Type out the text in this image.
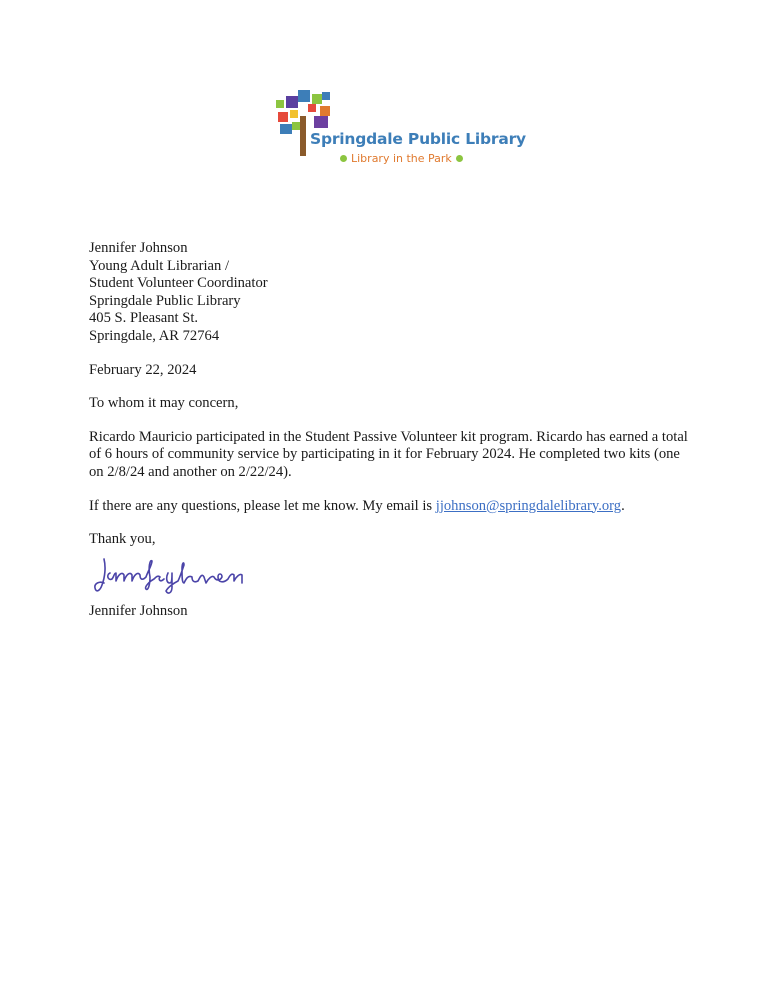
Springdale Public Library
Library in the Park
Jennifer Johnson
Young Adult Librarian /
Student Volunteer Coordinator
Springdale Public Library
405 S. Pleasant St.
Springdale, AR 72764
February 22, 2024
To whom it may concern,
Ricardo Mauricio participated in the Student Passive Volunteer kit program. Ricardo has earned a total of 6 hours of community service by participating in it for February 2024. He completed two kits (one on 2/8/24 and another on 2/22/24).
If there are any questions, please let me know. My email is jjohnson@springdalelibrary.org.
Thank you,
Jennifer Johnson
